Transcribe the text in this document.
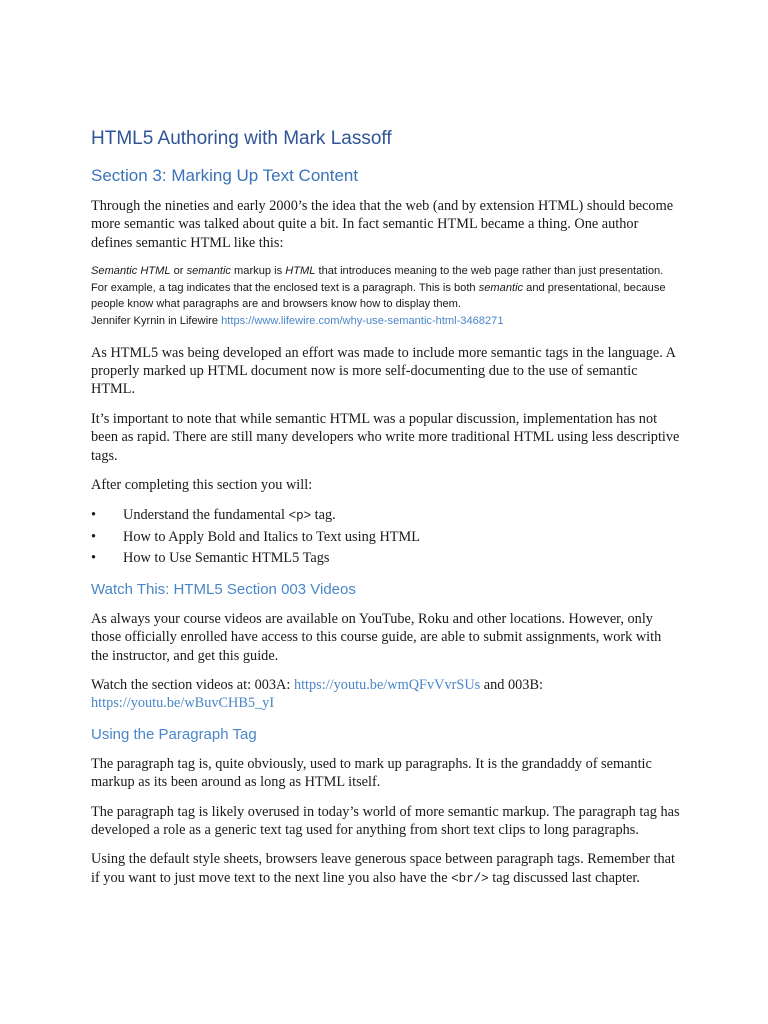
HTML5 Authoring with Mark Lassoff
Section 3: Marking Up Text Content

Through the nineties and early 2000’s the idea that the web (and by extension HTML) should become more semantic was talked about quite a bit. In fact semantic HTML became a thing. One author defines semantic HTML like this:

Semantic HTML or semantic markup is HTML that introduces meaning to the web page rather than just presentation. For example, a tag indicates that the enclosed text is a paragraph. This is both semantic and presentational, because people know what paragraphs are and browsers know how to display them.
Jennifer Kyrnin in Lifewire https://www.lifewire.com/why-use-semantic-html-3468271

As HTML5 was being developed an effort was made to include more semantic tags in the language. A properly marked up HTML document now is more self-documenting due to the use of semantic HTML.

It’s important to note that while semantic HTML was a popular discussion, implementation has not been as rapid. There are still many developers who write more traditional HTML using less descriptive tags.

After completing this section you will:

• Understand the fundamental <p> tag.
• How to Apply Bold and Italics to Text using HTML
• How to Use Semantic HTML5 Tags
Watch This: HTML5 Section 003 Videos

As always your course videos are available on YouTube, Roku and other locations. However, only those officially enrolled have access to this course guide, are able to submit assignments, work with the instructor, and get this guide.

Watch the section videos at: 003A: https://youtu.be/wmQFvVvrSUs and 003B:
https://youtu.be/wBuvCHB5_yI

Using the Paragraph Tag

The paragraph tag is, quite obviously, used to mark up paragraphs. It is the grandaddy of semantic markup as its been around as long as HTML itself.

The paragraph tag is likely overused in today’s world of more semantic markup. The paragraph tag has developed a role as a generic text tag used for anything from short text clips to long paragraphs.

Using the default style sheets, browsers leave generous space between paragraph tags. Remember that if you want to just move text to the next line you also have the <br/> tag discussed last chapter.
